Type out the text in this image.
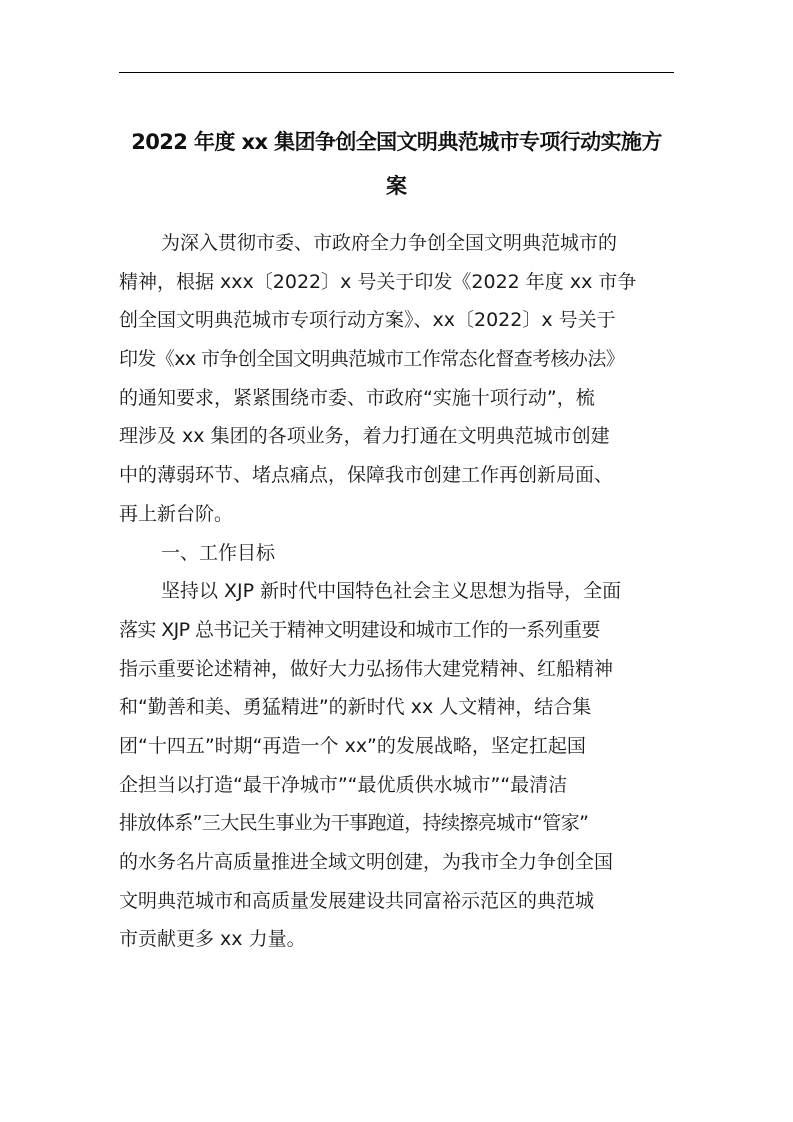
2022 年度 xx 集团争创全国文明典范城市专项行动实施方
案
为深入贯彻市委、市政府全力争创全国文明典范城市的
精神，根据 xxx〔2022〕x 号关于印发《2022 年度 xx 市争
创全国文明典范城市专项行动方案》、xx〔2022〕x 号关于
印发《xx 市争创全国文明典范城市工作常态化督查考核办法》
的通知要求，紧紧围绕市委、市政府“实施十项行动”，梳
理涉及 xx 集团的各项业务，着力打通在文明典范城市创建
中的薄弱环节、堵点痛点，保障我市创建工作再创新局面、
再上新台阶。
一、工作目标
坚持以 XJP 新时代中国特色社会主义思想为指导，全面
落实 XJP 总书记关于精神文明建设和城市工作的一系列重要
指示重要论述精神，做好大力弘扬伟大建党精神、红船精神
和“勤善和美、勇猛精进”的新时代 xx 人文精神，结合集
团“十四五”时期“再造一个 xx”的发展战略，坚定扛起国
企担当以打造“最干净城市”“最优质供水城市”“最清洁
排放体系”三大民生事业为干事跑道，持续擦亮城市“管家”
的水务名片高质量推进全域文明创建，为我市全力争创全国
文明典范城市和高质量发展建设共同富裕示范区的典范城
市贡献更多 xx 力量。
